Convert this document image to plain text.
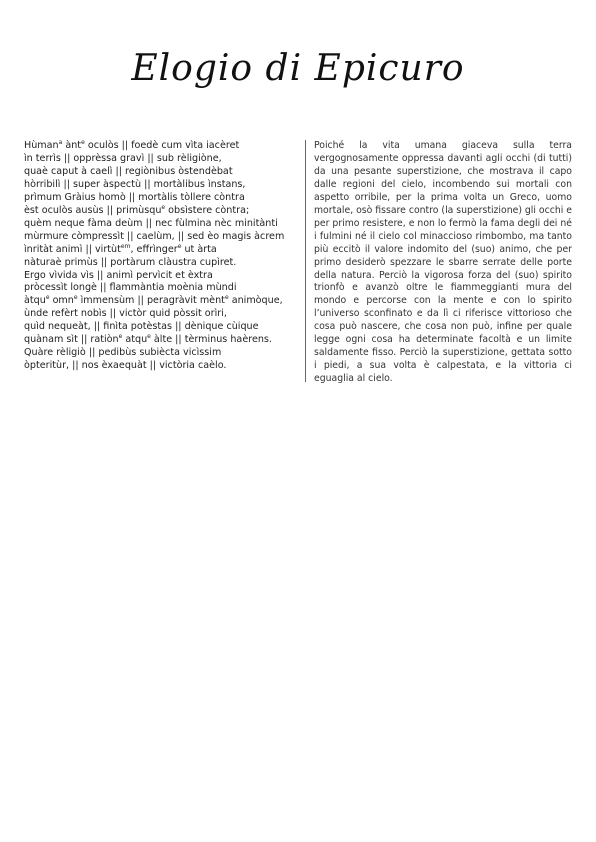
Elogio di Epicuro
Hùman$^a$ ànt$^e$ oculòs || foedè cum vìta iacèret
ìn terrìs || opprèssa gravì || sub rèligiòne,
quaè caput à caelì || regiònibus òstendèbat
hòrribilì || super àspectù || mortàlibus ìnstans,
prìmum Gràius homò || mortàlis tòllere còntra
èst oculòs ausùs || primùsqu$^e$ obsìstere còntra;
quèm neque fàma deùm || nec fùlmina nèc minitànti
mùrmure còmpressìt || caelùm, || sed èo magis àcrem
ìnritàt animì || virtùt$^{em}$, effrìnger$^e$ ut àrta
nàturaè primùs || portàrum clàustra cupìret.
Ërgo vìvida vìs || animì pervìcit et èxtra
pròcessìt longè || flammàntia moènia mùndi
àtqu$^e$ omn$^e$ ìmmensùm || peragràvit mènt$^e$ animòque,
ùnde refèrt nobìs || victòr quid pòssit orìri,
quìd nequeàt, || finìta potèstas || dènique cùique
quànam sìt || ratiòn$^e$ atqu$^e$ àlte || tèrminus haèrens.
Quàre rèligiò || pedibùs subiècta vicìssim
òpteritùr, || nos èxaequàt || victòria caèlo.
Poiché la vita umana giaceva sulla terra vergognosamente oppressa davanti agli occhi (di tutti) da una pesante superstizione, che mostrava il capo dalle regioni del cielo, incombendo sui mortali con aspetto orribile, per la prima volta un Greco, uomo mortale, osò fissare contro (la superstizione) gli occhi e per primo resistere, e non lo fermò la fama degli dei né i fulmini né il cielo col minaccioso rimbombo, ma tanto più eccitò il valore indomito del (suo) animo, che per primo desiderò spezzare le sbarre serrate delle porte della natura. Perciò la vigorosa forza del (suo) spirito trionfò e avanzò oltre le fiammeggianti mura del mondo e percorse con la mente e con lo spirito l’universo sconfinato e da lì ci riferisce vittorioso che cosa può nascere, che cosa non può, infine per quale legge ogni cosa ha determinate facoltà e un limite saldamente fisso. Perciò la superstizione, gettata sotto i piedi, a sua volta è calpestata, e la vittoria ci eguaglia al cielo.
